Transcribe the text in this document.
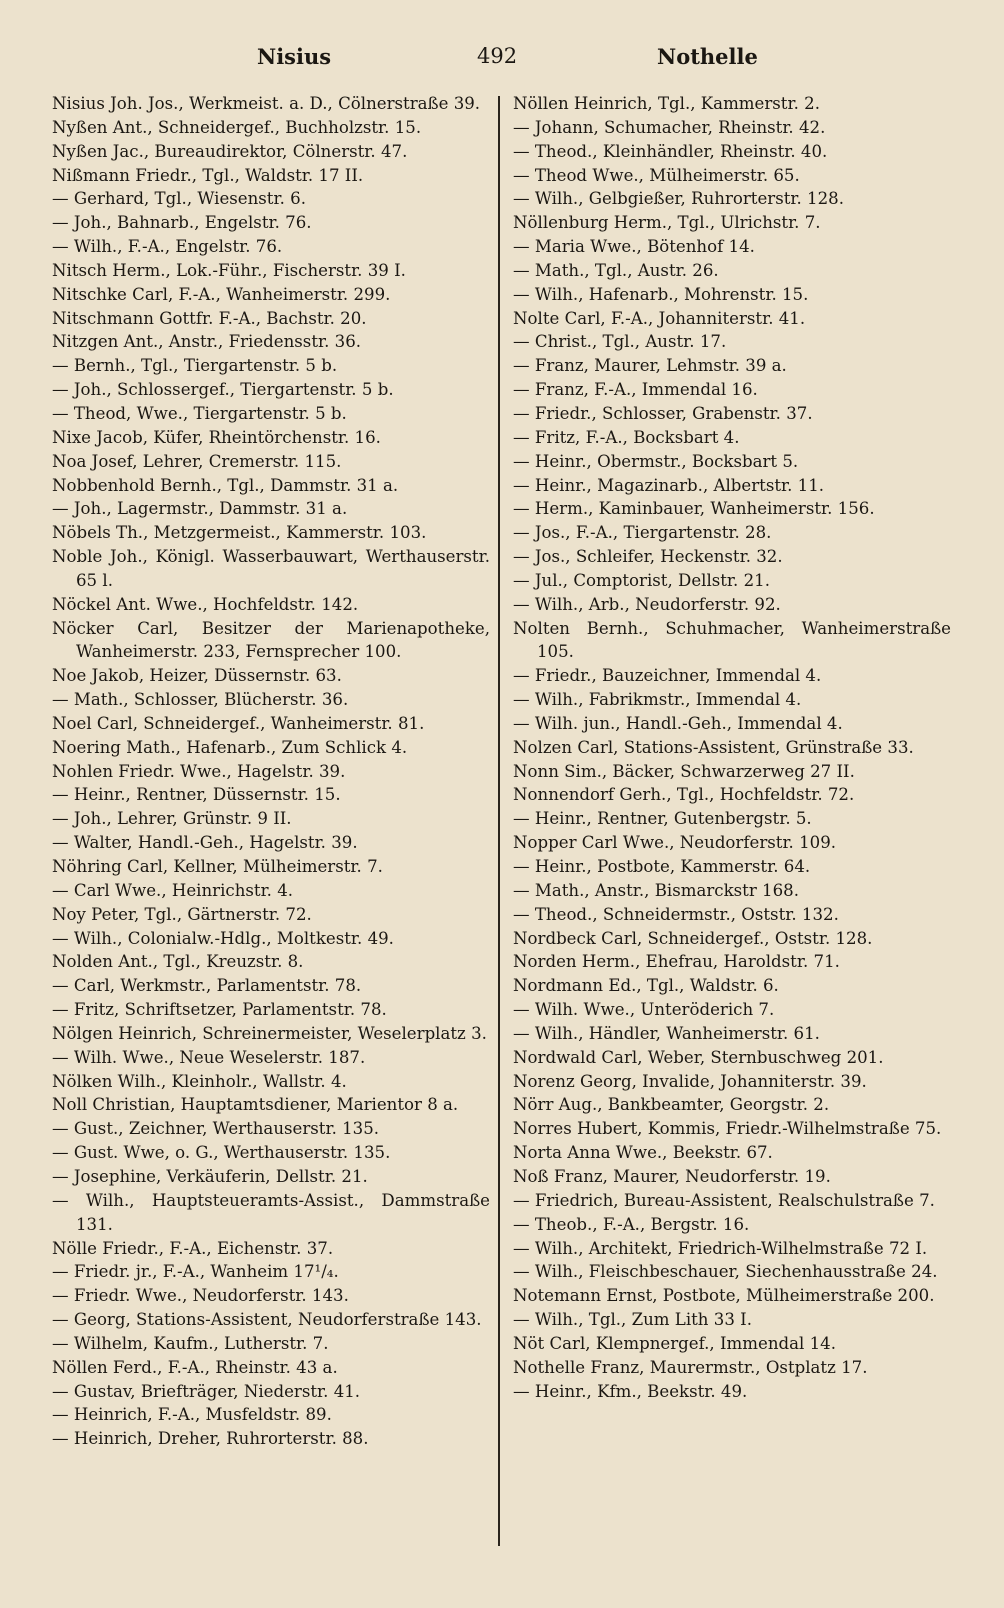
Nisius	492	Nothelle
Nisius Joh. Jos., Werkmeist. a. D., Cölnerstraße 39.
Nyßen Ant., Schneidergef., Buchholzstr. 15.
Nyßen Jac., Bureaudirektor, Cölnerstr. 47.
Nißmann Friedr., Tgl., Waldstr. 17 II.
— Gerhard, Tgl., Wiesenstr. 6.
— Joh., Bahnarb., Engelstr. 76.
— Wilh., F.-A., Engelstr. 76.
Nitsch Herm., Lok.-Führ., Fischerstr. 39 I.
Nitschke Carl, F.-A., Wanheimerstr. 299.
Nitschmann Gottfr. F.-A., Bachstr. 20.
Nitzgen Ant., Anstr., Friedensstr. 36.
— Bernh., Tgl., Tiergartenstr. 5 b.
— Joh., Schlossergef., Tiergartenstr. 5 b.
— Theod, Wwe., Tiergartenstr. 5 b.
Nixe Jacob, Küfer, Rheintörchenstr. 16.
Noa Josef, Lehrer, Cremerstr. 115.
Nobbenhold Bernh., Tgl., Dammstr. 31 a.
— Joh., Lagermstr., Dammstr. 31 a.
Nöbels Th., Metzgermeist., Kammerstr. 103.
Noble Joh., Königl. Wasserbauwart, Werthauserstr. 65 l.
Nöckel Ant. Wwe., Hochfeldstr. 142.
Nöcker Carl, Besitzer der Marienapotheke, Wanheimerstr. 233, Fernsprecher 100.
Noe Jakob, Heizer, Düssernstr. 63.
— Math., Schlosser, Blücherstr. 36.
Noel Carl, Schneidergef., Wanheimerstr. 81.
Noering Math., Hafenarb., Zum Schlick 4.
Nohlen Friedr. Wwe., Hagelstr. 39.
— Heinr., Rentner, Düssernstr. 15.
— Joh., Lehrer, Grünstr. 9 II.
— Walter, Handl.-Geh., Hagelstr. 39.
Nöhring Carl, Kellner, Mülheimerstr. 7.
— Carl Wwe., Heinrichstr. 4.
Noy Peter, Tgl., Gärtnerstr. 72.
— Wilh., Colonialw.-Hdlg., Moltkestr. 49.
Nolden Ant., Tgl., Kreuzstr. 8.
— Carl, Werkmstr., Parlamentstr. 78.
— Fritz, Schriftsetzer, Parlamentstr. 78.
Nölgen Heinrich, Schreinermeister, Weselerplatz 3.
— Wilh. Wwe., Neue Weselerstr. 187.
Nölken Wilh., Kleinholr., Wallstr. 4.
Noll Christian, Hauptamtsdiener, Marientor 8 a.
— Gust., Zeichner, Werthauserstr. 135.
— Gust. Wwe, o. G., Werthauserstr. 135.
— Josephine, Verkäuferin, Dellstr. 21.
— Wilh., Hauptsteueramts-Assist., Dammstraße 131.
Nölle Friedr., F.-A., Eichenstr. 37.
— Friedr. jr., F.-A., Wanheim 17¹/₄.
— Friedr. Wwe., Neudorferstr. 143.
— Georg, Stations-Assistent, Neudorferstraße 143.
— Wilhelm, Kaufm., Lutherstr. 7.
Nöllen Ferd., F.-A., Rheinstr. 43 a.
— Gustav, Briefträger, Niederstr. 41.
— Heinrich, F.-A., Musfeldstr. 89.
— Heinrich, Dreher, Ruhrorterstr. 88.
Nöllen Heinrich, Tgl., Kammerstr. 2.
— Johann, Schumacher, Rheinstr. 42.
— Theod., Kleinhändler, Rheinstr. 40.
— Theod Wwe., Mülheimerstr. 65.
— Wilh., Gelbgießer, Ruhrorterstr. 128.
Nöllenburg Herm., Tgl., Ulrichstr. 7.
— Maria Wwe., Bötenhof 14.
— Math., Tgl., Austr. 26.
— Wilh., Hafenarb., Mohrenstr. 15.
Nolte Carl, F.-A., Johanniterstr. 41.
— Christ., Tgl., Austr. 17.
— Franz, Maurer, Lehmstr. 39 a.
— Franz, F.-A., Immendal 16.
— Friedr., Schlosser, Grabenstr. 37.
— Fritz, F.-A., Bocksbart 4.
— Heinr., Obermstr., Bocksbart 5.
— Heinr., Magazinarb., Albertstr. 11.
— Herm., Kaminbauer, Wanheimerstr. 156.
— Jos., F.-A., Tiergartenstr. 28.
— Jos., Schleifer, Heckenstr. 32.
— Jul., Comptorist, Dellstr. 21.
— Wilh., Arb., Neudorferstr. 92.
Nolten Bernh., Schuhmacher, Wanheimerstraße 105.
— Friedr., Bauzeichner, Immendal 4.
— Wilh., Fabrikmstr., Immendal 4.
— Wilh. jun., Handl.-Geh., Immendal 4.
Nolzen Carl, Stations-Assistent, Grünstraße 33.
Nonn Sim., Bäcker, Schwarzerweg 27 II.
Nonnendorf Gerh., Tgl., Hochfeldstr. 72.
— Heinr., Rentner, Gutenbergstr. 5.
Nopper Carl Wwe., Neudorferstr. 109.
— Heinr., Postbote, Kammerstr. 64.
— Math., Anstr., Bismarckstr 168.
— Theod., Schneidermstr., Oststr. 132.
Nordbeck Carl, Schneidergef., Oststr. 128.
Norden Herm., Ehefrau, Haroldstr. 71.
Nordmann Ed., Tgl., Waldstr. 6.
— Wilh. Wwe., Unteröderich 7.
— Wilh., Händler, Wanheimerstr. 61.
Nordwald Carl, Weber, Sternbuschweg 201.
Norenz Georg, Invalide, Johanniterstr. 39.
Nörr Aug., Bankbeamter, Georgstr. 2.
Norres Hubert, Kommis, Friedr.-Wilhelmstraße 75.
Norta Anna Wwe., Beekstr. 67.
Noß Franz, Maurer, Neudorferstr. 19.
— Friedrich, Bureau-Assistent, Realschulstraße 7.
— Theob., F.-A., Bergstr. 16.
— Wilh., Architekt, Friedrich-Wilhelmstraße 72 I.
— Wilh., Fleischbeschauer, Siechenhausstraße 24.
Notemann Ernst, Postbote, Mülheimerstraße 200.
— Wilh., Tgl., Zum Lith 33 I.
Nöt Carl, Klempnergef., Immendal 14.
Nothelle Franz, Maurermstr., Ostplatz 17.
— Heinr., Kfm., Beekstr. 49.
